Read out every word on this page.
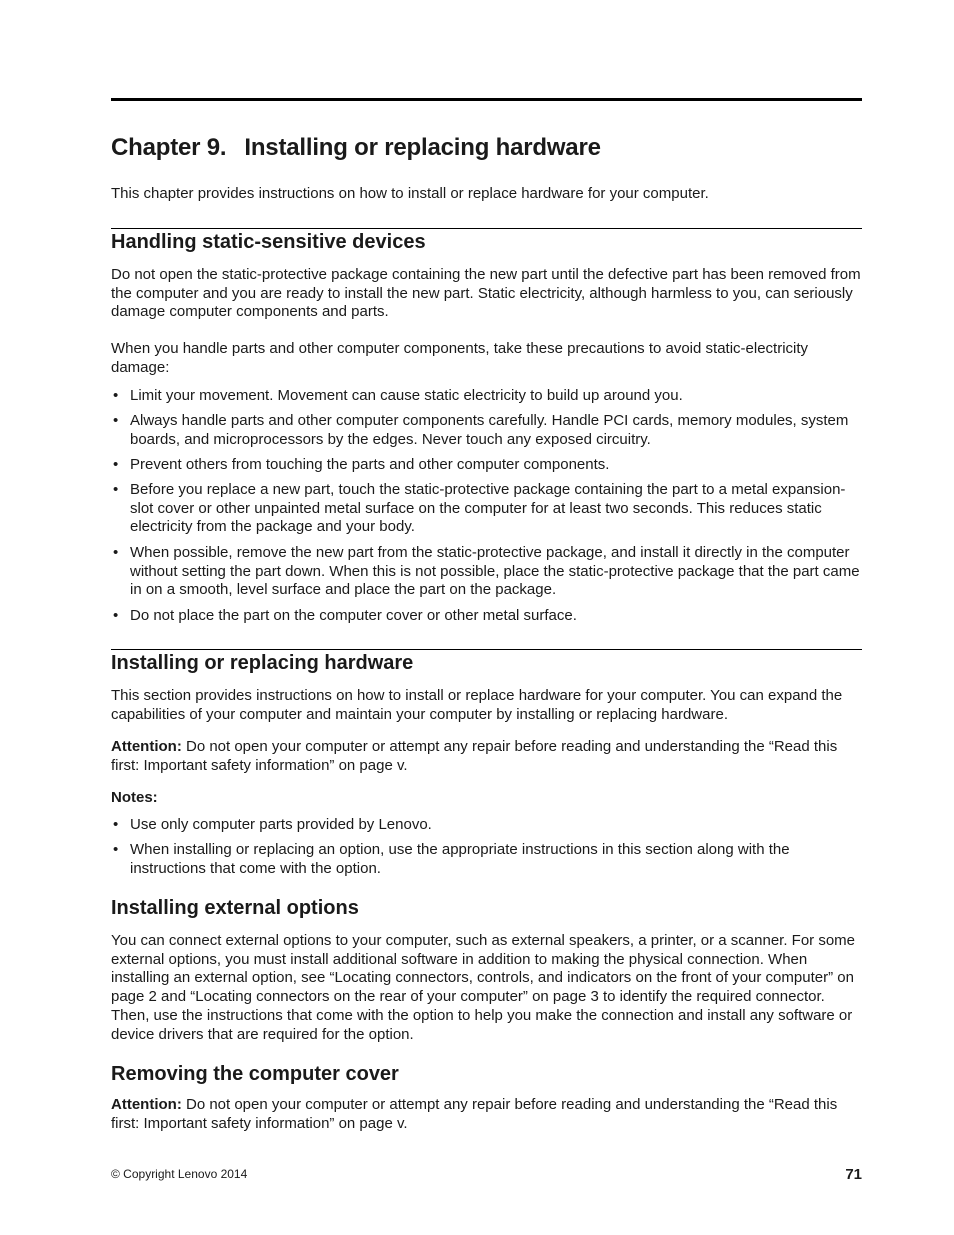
Chapter 9. Installing or replacing hardware

This chapter provides instructions on how to install or replace hardware for your computer.

Handling static-sensitive devices

Do not open the static-protective package containing the new part until the defective part has been removed from the computer and you are ready to install the new part. Static electricity, although harmless to you, can seriously damage computer components and parts.

When you handle parts and other computer components, take these precautions to avoid static-electricity damage:

• Limit your movement. Movement can cause static electricity to build up around you.
• Always handle parts and other computer components carefully. Handle PCI cards, memory modules, system boards, and microprocessors by the edges. Never touch any exposed circuitry.
• Prevent others from touching the parts and other computer components.
• Before you replace a new part, touch the static-protective package containing the part to a metal expansion-slot cover or other unpainted metal surface on the computer for at least two seconds. This reduces static electricity from the package and your body.
• When possible, remove the new part from the static-protective package, and install it directly in the computer without setting the part down. When this is not possible, place the static-protective package that the part came in on a smooth, level surface and place the part on the package.
• Do not place the part on the computer cover or other metal surface.
Installing or replacing hardware

This section provides instructions on how to install or replace hardware for your computer. You can expand the capabilities of your computer and maintain your computer by installing or replacing hardware.

Attention: Do not open your computer or attempt any repair before reading and understanding the “Read this first: Important safety information” on page v.

Notes:

• Use only computer parts provided by Lenovo.
• When installing or replacing an option, use the appropriate instructions in this section along with the instructions that come with the option.
Installing external options

You can connect external options to your computer, such as external speakers, a printer, or a scanner. For some external options, you must install additional software in addition to making the physical connection. When installing an external option, see “Locating connectors, controls, and indicators on the front of your computer” on page 2 and “Locating connectors on the rear of your computer” on page 3 to identify the required connector. Then, use the instructions that come with the option to help you make the connection and install any software or device drivers that are required for the option.

Removing the computer cover

Attention: Do not open your computer or attempt any repair before reading and understanding the “Read this first: Important safety information” on page v.

© Copyright Lenovo 2014	71
